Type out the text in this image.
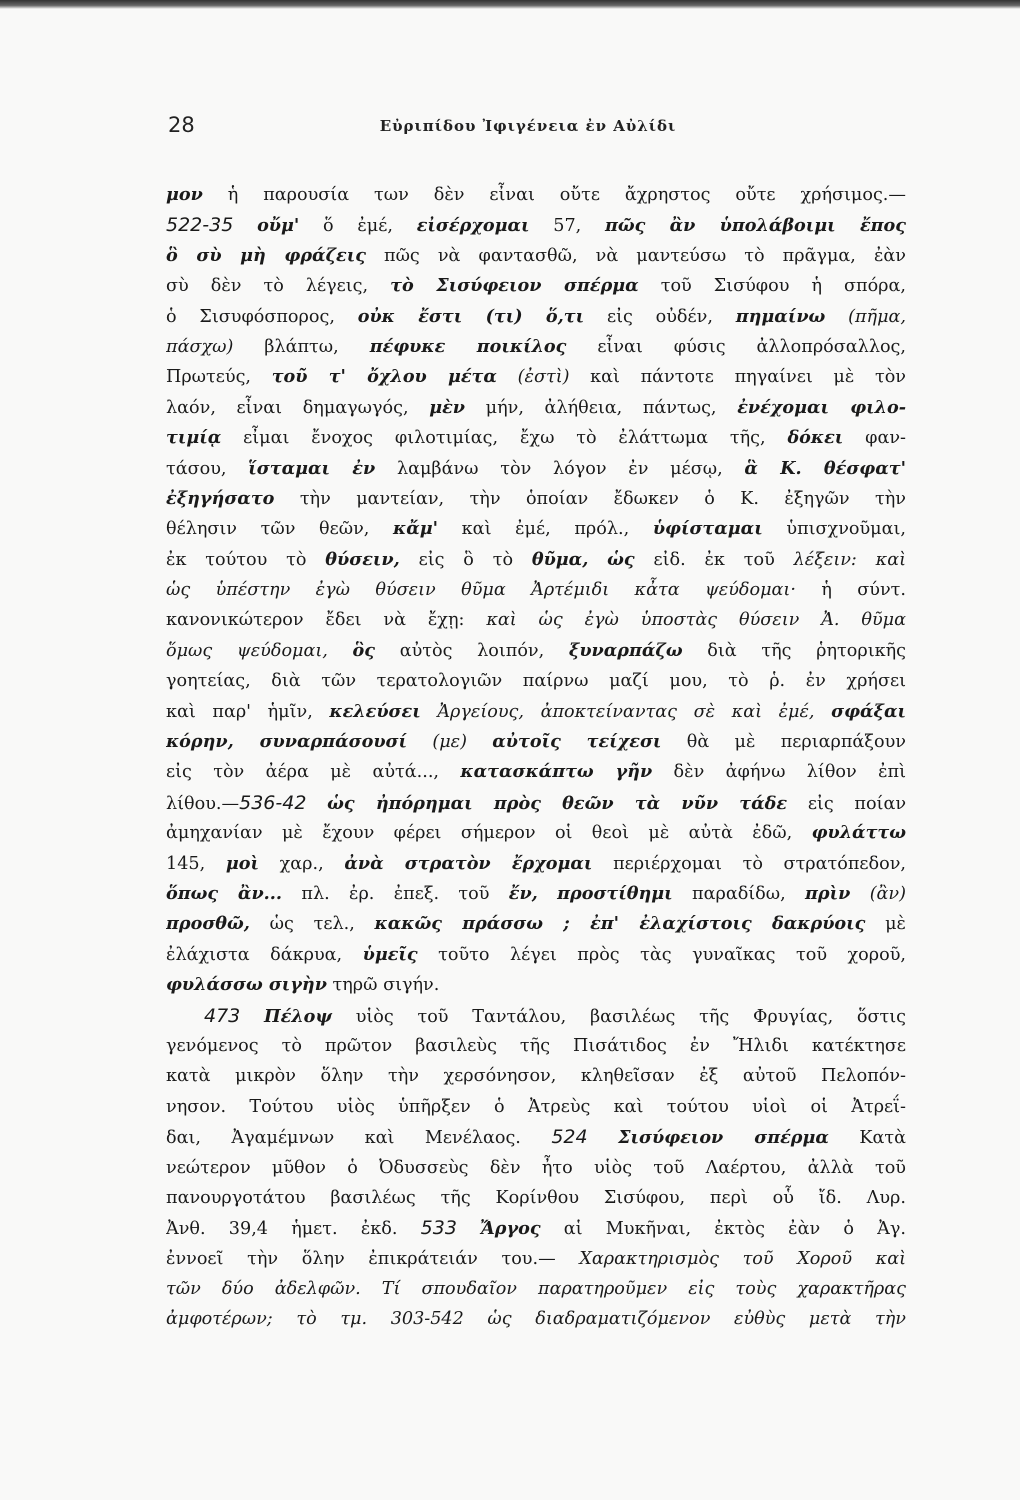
28	Εὐριπίδου Ἰφιγένεια ἐν Αὐλίδι
μον ἡ παρουσία των δὲν εἶναι οὔτε ἄχρηστος οὔτε χρήσιμος.—
522-35 οὔμ' ὅ ἐμέ, εἰσέρχομαι 57, πῶς ἂν ὑπολάβοιμι ἔπος
ὃ σὺ μὴ φράζεις πῶς νὰ φαντασθῶ, νὰ μαντεύσω τὸ πρᾶγμα, ἐὰν
σὺ δὲν τὸ λέγεις, τὸ Σισύφειον σπέρμα τοῦ Σισύφου ἡ σπόρα,
ὁ Σισυφόσπορος, οὐκ ἔστι (τι) ὅ,τι εἰς οὐδέν, πημαίνω (πῆμα,
πάσχω) βλάπτω, πέφυκε ποικίλος εἶναι φύσις ἀλλοπρόσαλλος,
Πρωτεύς, τοῦ τ' ὄχλου μέτα (ἐστὶ) καὶ πάντοτε πηγαίνει μὲ τὸν
λαόν, εἶναι δημαγωγός, μὲν μήν, ἀλήθεια, πάντως, ἐνέχομαι φιλο-
τιμίᾳ εἶμαι ἔνοχος φιλοτιμίας, ἔχω τὸ ἐλάττωμα τῆς, δόκει φαν-
τάσου, ἵσταμαι ἐν λαμβάνω τὸν λόγον ἐν μέσῳ, ἃ Κ. θέσφατ'
ἐξηγήσατο τὴν μαντείαν, τὴν ὁποίαν ἔδωκεν ὁ Κ. ἐξηγῶν τὴν
θέλησιν τῶν θεῶν, κἄμ' καὶ ἐμέ, πρόλ., ὑφίσταμαι ὑπισχνοῦμαι,
ἐκ τούτου τὸ θύσειν, εἰς ὃ τὸ θῦμα, ὡς εἰδ. ἐκ τοῦ λέξειν: καὶ
ὡς ὑπέστην ἐγὼ θύσειν θῦμα Ἀρτέμιδι κἆτα ψεύδομαι· ἡ σύντ.
κανονικώτερον ἔδει νὰ ἔχῃ: καὶ ὡς ἐγὼ ὑποστὰς θύσειν Ἀ. θῦμα
ὅμως ψεύδομαι, ὃς αὐτὸς λοιπόν, ξυναρπάζω διὰ τῆς ῥητορικῆς
γοητείας, διὰ τῶν τερατολογιῶν παίρνω μαζί μου, τὸ ῥ. ἐν χρήσει
καὶ παρ' ἡμῖν, κελεύσει Ἀργείους, ἀποκτείναντας σὲ καὶ ἐμέ, σφάξαι
κόρην, συναρπάσουσί (με) αὐτοῖς τείχεσι θὰ μὲ περιαρπάξουν
εἰς τὸν ἀέρα μὲ αὐτά..., κατασκάπτω γῆν δὲν ἀφήνω λίθον ἐπὶ
λίθου.—536-42 ὡς ἠπόρημαι πρὸς θεῶν τὰ νῦν τάδε εἰς ποίαν
ἀμηχανίαν μὲ ἔχουν φέρει σήμερον οἱ θεοὶ μὲ αὐτὰ ἐδῶ, φυλάττω
145, μοὶ χαρ., ἀνὰ στρατὸν ἔρχομαι περιέρχομαι τὸ στρατόπεδον,
ὅπως ἂν... πλ. ἐρ. ἐπεξ. τοῦ ἔν, προστίθημι παραδίδω, πρὶν (ἂν)
προσθῶ, ὡς τελ., κακῶς πράσσω ; ἐπ' ἐλαχίστοις δακρύοις μὲ
ἐλάχιστα δάκρυα, ὑμεῖς τοῦτο λέγει πρὸς τὰς γυναῖκας τοῦ χοροῦ,
φυλάσσω σιγὴν τηρῶ σιγήν.
473 Πέλοψ υἱὸς τοῦ Ταντάλου, βασιλέως τῆς Φρυγίας, ὅστις
γενόμενος τὸ πρῶτον βασιλεὺς τῆς Πισάτιδος ἐν Ἤλιδι κατέκτησε
κατὰ μικρὸν ὅλην τὴν χερσόνησον, κληθεῖσαν ἐξ αὐτοῦ Πελοπόν-
νησον. Τούτου υἱὸς ὑπῆρξεν ὁ Ἀτρεὺς καὶ τούτου υἱοὶ οἱ Ἀτρεΐ-
δαι, Ἀγαμέμνων καὶ Μενέλαος. 524 Σισύφειον σπέρμα Κατὰ
νεώτερον μῦθον ὁ Ὀδυσσεὺς δὲν ἦτο υἱὸς τοῦ Λαέρτου, ἀλλὰ τοῦ
πανουργοτάτου βασιλέως τῆς Κορίνθου Σισύφου, περὶ οὗ ἴδ. Λυρ.
Ἀνθ. 39,4 ἡμετ. ἐκδ. 533 Ἄργος αἱ Μυκῆναι, ἐκτὸς ἐὰν ὁ Ἀγ.
ἐννοεῖ τὴν ὅλην ἐπικράτειάν του.— Χαρακτηρισμὸς τοῦ Χοροῦ καὶ
τῶν δύο ἀδελφῶν. Τί σπουδαῖον παρατηροῦμεν εἰς τοὺς χαρακτῆρας
ἀμφοτέρων; τὸ τμ. 303-542 ὡς διαδραματιζόμενον εὐθὺς μετὰ τὴν
